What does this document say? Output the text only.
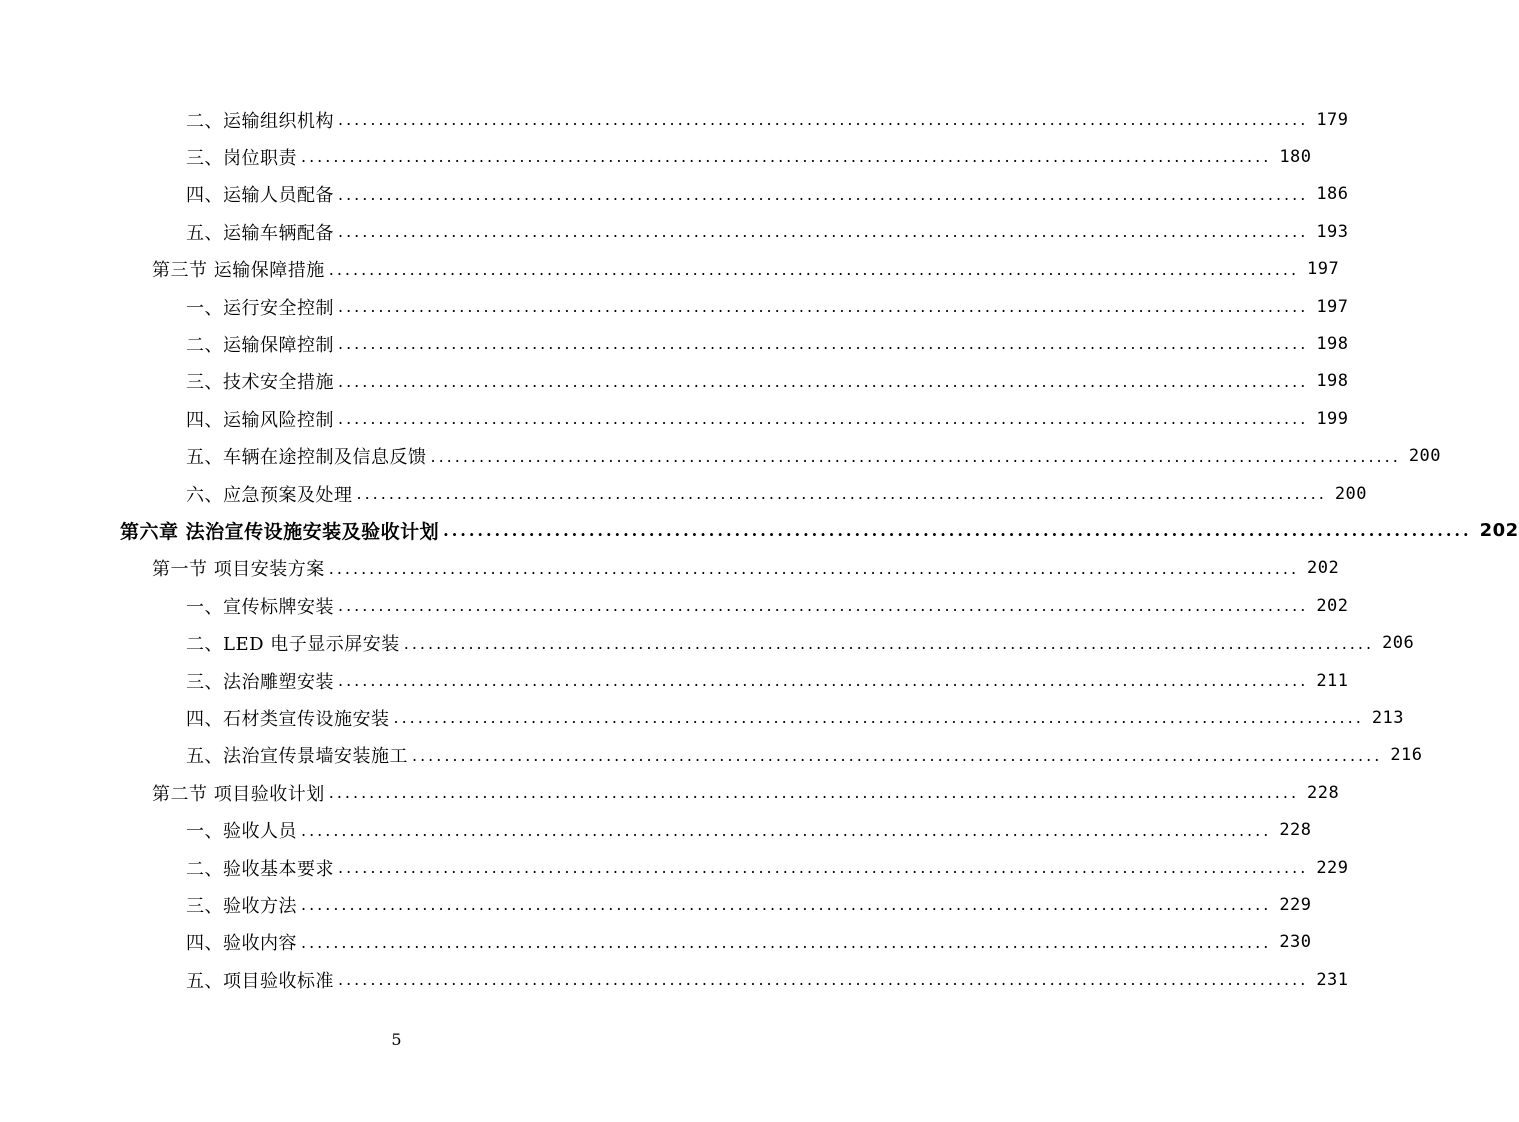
二、运输组织机构 ........................................................................................................................ 179
三、岗位职责 ........................................................................................................................ 180
四、运输人员配备 ........................................................................................................................ 186
五、运输车辆配备 ........................................................................................................................ 193
第三节 运输保障措施 ........................................................................................................................ 197
一、运行安全控制 ........................................................................................................................ 197
二、运输保障控制 ........................................................................................................................ 198
三、技术安全措施 ........................................................................................................................ 198
四、运输风险控制 ........................................................................................................................ 199
五、车辆在途控制及信息反馈 ........................................................................................................................ 200
六、应急预案及处理 ........................................................................................................................ 200
第六章 法治宣传设施安装及验收计划 ........................................................................................................................ 202
第一节 项目安装方案 ........................................................................................................................ 202
一、宣传标牌安装 ........................................................................................................................ 202
二、LED 电子显示屏安装 ........................................................................................................................ 206
三、法治雕塑安装 ........................................................................................................................ 211
四、石材类宣传设施安装 ........................................................................................................................ 213
五、法治宣传景墙安装施工 ........................................................................................................................ 216
第二节 项目验收计划 ........................................................................................................................ 228
一、验收人员 ........................................................................................................................ 228
二、验收基本要求 ........................................................................................................................ 229
三、验收方法 ........................................................................................................................ 229
四、验收内容 ........................................................................................................................ 230
五、项目验收标准 ........................................................................................................................ 231
5
